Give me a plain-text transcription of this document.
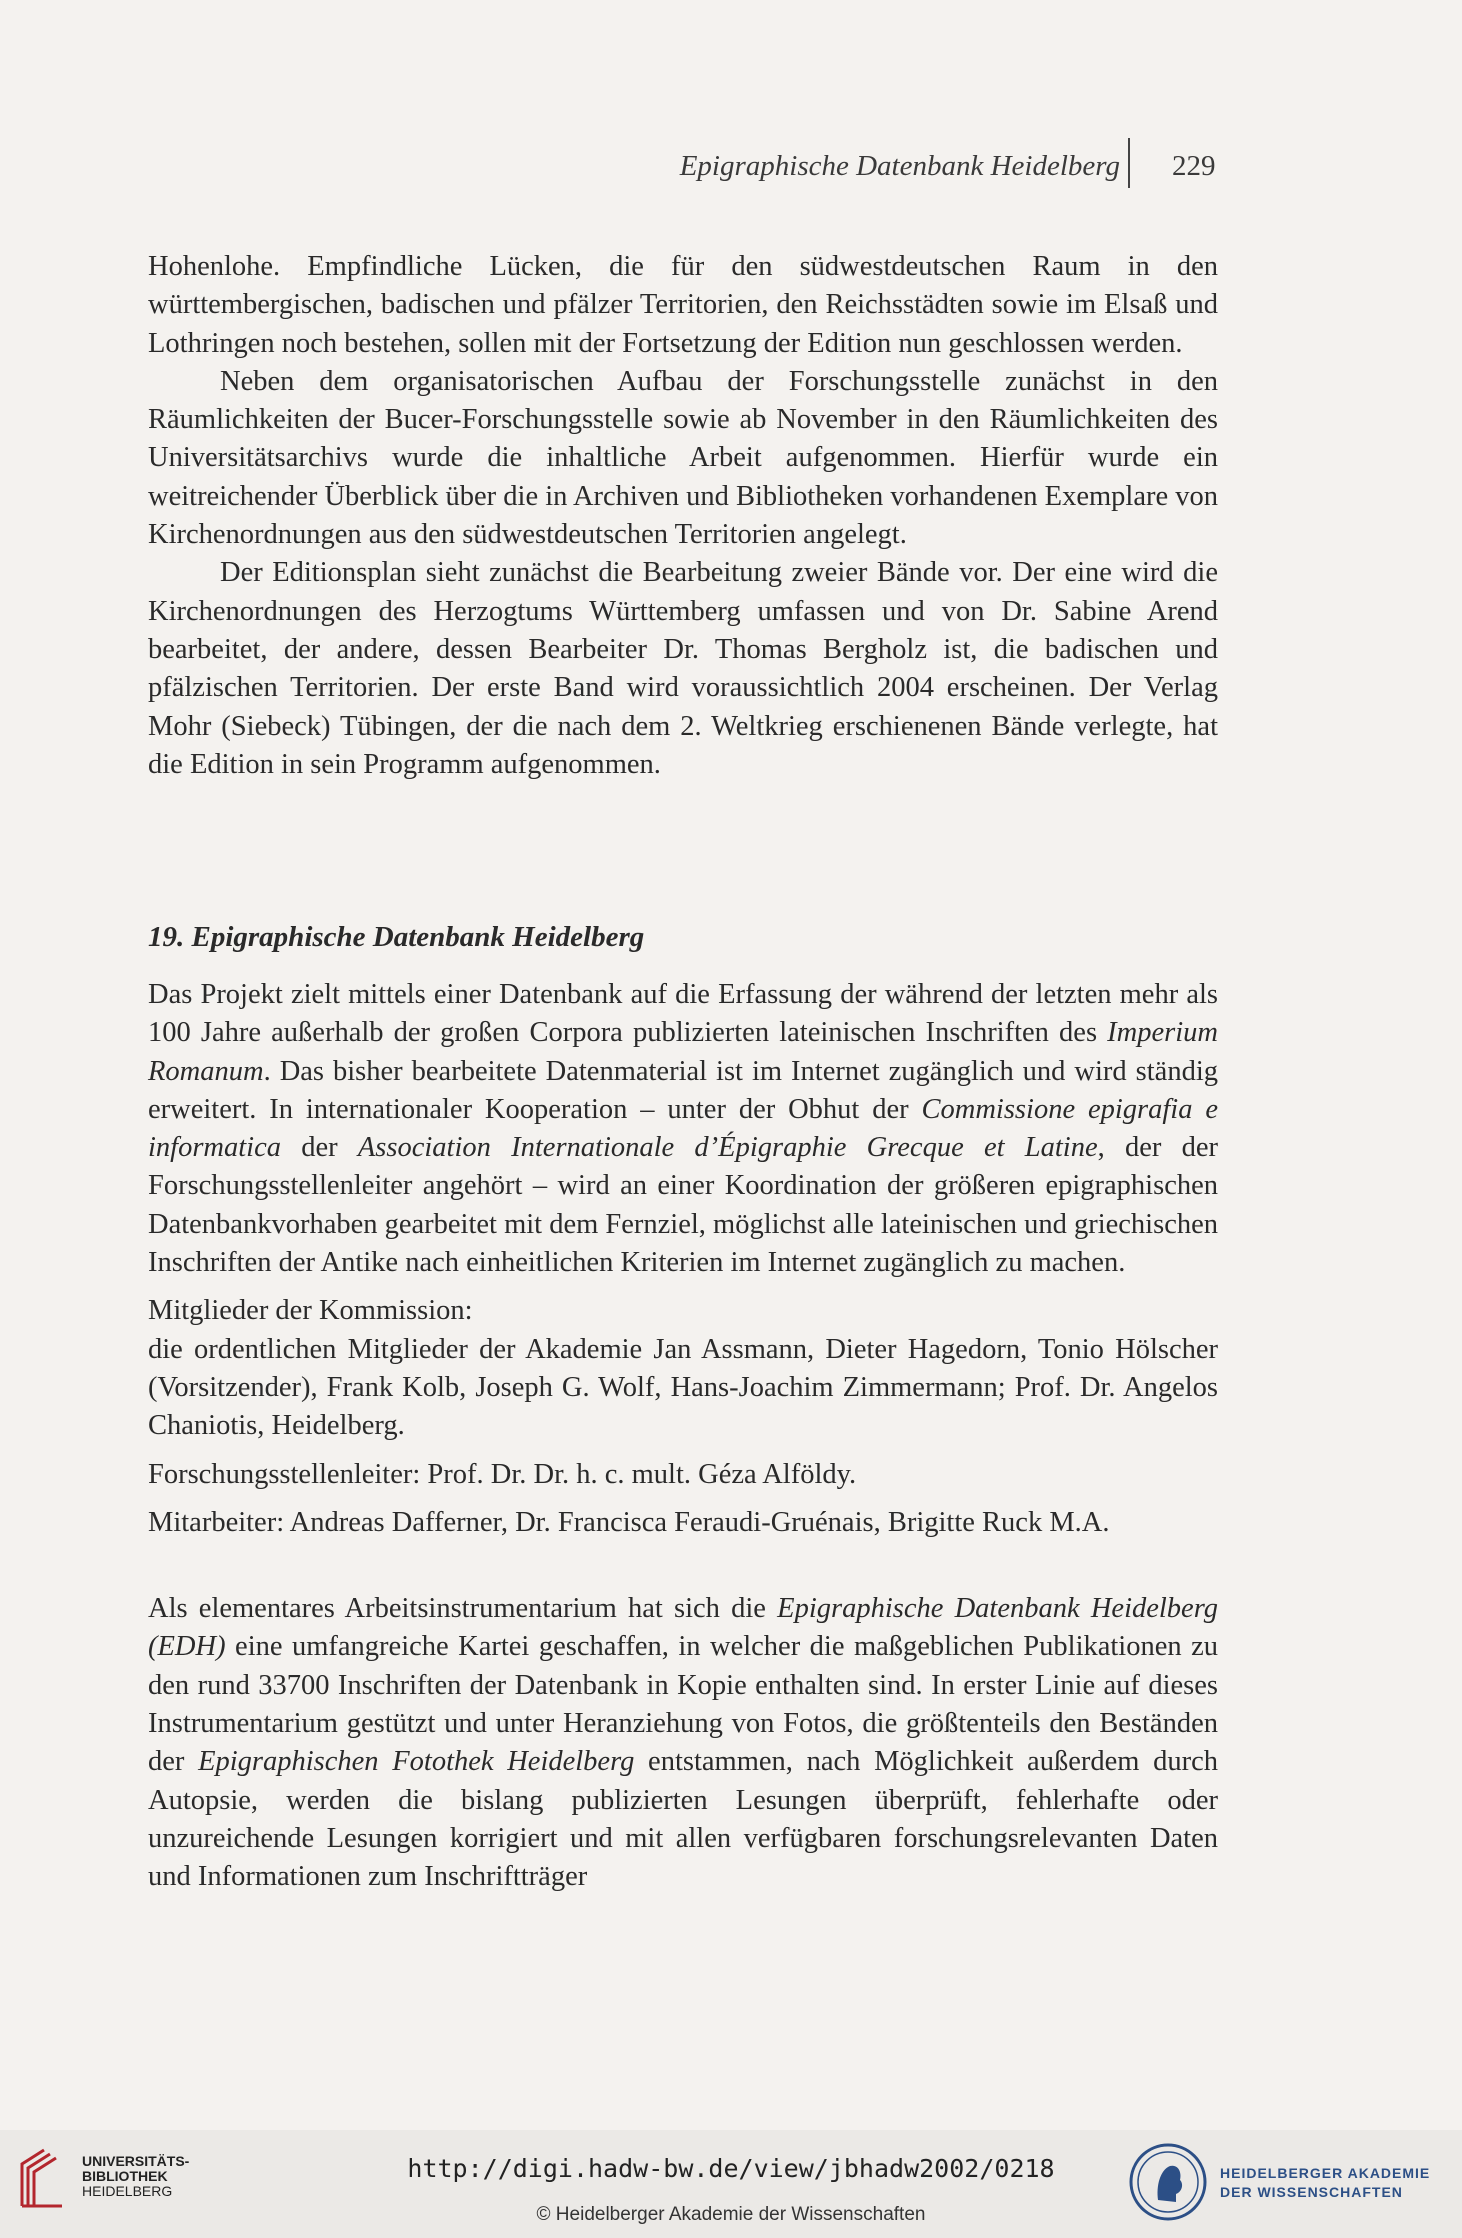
Epigraphische Datenbank Heidelberg 229

Hohenlohe. Empfindliche Lücken, die für den südwestdeutschen Raum in den württembergischen, badischen und pfälzer Territorien, den Reichsstädten sowie im Elsaß und Lothringen noch bestehen, sollen mit der Fortsetzung der Edition nun geschlossen werden.

Neben dem organisatorischen Aufbau der Forschungsstelle zunächst in den Räumlichkeiten der Bucer-Forschungsstelle sowie ab November in den Räumlichkeiten des Universitätsarchivs wurde die inhaltliche Arbeit aufgenommen. Hierfür wurde ein weitreichender Überblick über die in Archiven und Bibliotheken vorhandenen Exemplare von Kirchenordnungen aus den südwestdeutschen Territorien angelegt.

Der Editionsplan sieht zunächst die Bearbeitung zweier Bände vor. Der eine wird die Kirchenordnungen des Herzogtums Württemberg umfassen und von Dr. Sabine Arend bearbeitet, der andere, dessen Bearbeiter Dr. Thomas Bergholz ist, die badischen und pfälzischen Territorien. Der erste Band wird voraussichtlich 2004 erscheinen. Der Verlag Mohr (Siebeck) Tübingen, der die nach dem 2. Weltkrieg erschienenen Bände verlegte, hat die Edition in sein Programm aufgenommen.

19. Epigraphische Datenbank Heidelberg

Das Projekt zielt mittels einer Datenbank auf die Erfassung der während der letzten mehr als 100 Jahre außerhalb der großen Corpora publizierten lateinischen Inschriften des Imperium Romanum. Das bisher bearbeitete Datenmaterial ist im Internet zugänglich und wird ständig erweitert. In internationaler Kooperation – unter der Obhut der Commissione epigrafia e informatica der Association Internationale d’Épigraphie Grecque et Latine, der der Forschungsstellenleiter angehört – wird an einer Koordination der größeren epigraphischen Datenbankvorhaben gearbeitet mit dem Fernziel, möglichst alle lateinischen und griechischen Inschriften der Antike nach einheitlichen Kriterien im Internet zugänglich zu machen.

Mitglieder der Kommission:

die ordentlichen Mitglieder der Akademie Jan Assmann, Dieter Hagedorn, Tonio Hölscher (Vorsitzender), Frank Kolb, Joseph G. Wolf, Hans-Joachim Zimmermann; Prof. Dr. Angelos Chaniotis, Heidelberg.

Forschungsstellenleiter: Prof. Dr. Dr. h. c. mult. Géza Alföldy.

Mitarbeiter: Andreas Dafferner, Dr. Francisca Feraudi-Gruénais, Brigitte Ruck M.A.

Als elementares Arbeitsinstrumentarium hat sich die Epigraphische Datenbank Heidelberg (EDH) eine umfangreiche Kartei geschaffen, in welcher die maßgeblichen Publikationen zu den rund 33700 Inschriften der Datenbank in Kopie enthalten sind. In erster Linie auf dieses Instrumentarium gestützt und unter Heranziehung von Fotos, die größtenteils den Beständen der Epigraphischen Fotothek Heidelberg entstammen, nach Möglichkeit außerdem durch Autopsie, werden die bislang publizierten Lesungen überprüft, fehlerhafte oder unzureichende Lesungen korrigiert und mit allen verfügbaren forschungsrelevanten Daten und Informationen zum Inschriftträger

UNIVERSITÄTS-
BIBLIOTHEK
HEIDELBERG
http://digi.hadw-bw.de/view/jbhadw2002/0218
© Heidelberger Akademie der Wissenschaften
HEIDELBERGER AKADEMIE
DER WISSENSCHAFTEN
